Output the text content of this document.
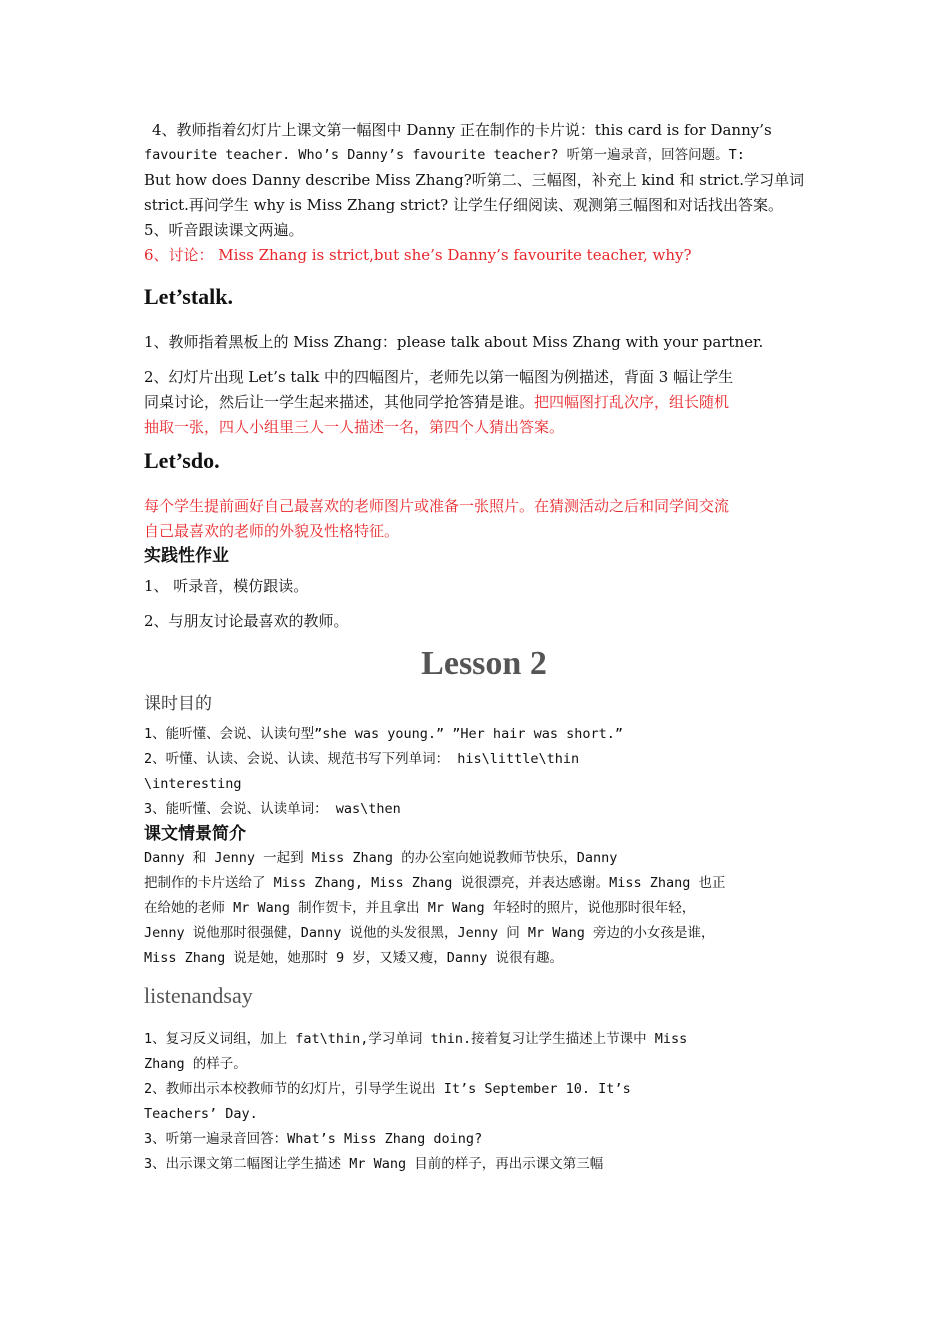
4、教师指着幻灯片上课文第一幅图中 Danny 正在制作的卡片说：this card is for Danny’s

favourite teacher. Who’s Danny’s favourite teacher? 听第一遍录音，回答问题。T:

But how does Danny describe Miss Zhang?听第二、三幅图，补充上 kind 和 strict.学习单词

strict.再问学生 why is Miss Zhang strict? 让学生仔细阅读、观测第三幅图和对话找出答案。

5、听音跟读课文两遍。

6、讨论： Miss Zhang is strict,but she’s Danny’s favourite teacher, why?

Let’stalk.

1、教师指着黑板上的 Miss Zhang：please talk about Miss Zhang with your partner.

2、幻灯片出现 Let’s talk 中的四幅图片，老师先以第一幅图为例描述，背面 3 幅让学生

同桌讨论，然后让一学生起来描述，其他同学抢答猜是谁。把四幅图打乱次序，组长随机

抽取一张，四人小组里三人一人描述一名，第四个人猜出答案。

Let’sdo.

每个学生提前画好自己最喜欢的老师图片或准备一张照片。在猜测活动之后和同学间交流

自己最喜欢的老师的外貌及性格特征。

实践性作业

1、 听录音，模仿跟读。

2、与朋友讨论最喜欢的教师。

Lesson 2

课时目的

1、能听懂、会说、认读句型”she was young.” ”Her hair was short.”

2、听懂、认读、会说、认读、规范书写下列单词： his\little\thin

\interesting

3、能听懂、会说、认读单词： was\then

课文情景简介

Danny 和 Jenny 一起到 Miss Zhang 的办公室向她说教师节快乐，Danny

把制作的卡片送给了 Miss Zhang, Miss Zhang 说很漂亮，并表达感谢。Miss Zhang 也正

在给她的老师 Mr Wang 制作贺卡，并且拿出 Mr Wang 年轻时的照片，说他那时很年轻，

Jenny 说他那时很强健，Danny 说他的头发很黑，Jenny 问 Mr Wang 旁边的小女孩是谁，

Miss Zhang 说是她，她那时 9 岁，又矮又瘦，Danny 说很有趣。

listenandsay

1、复习反义词组，加上 fat\thin,学习单词 thin.接着复习让学生描述上节课中 Miss

Zhang 的样子。

2、教师出示本校教师节的幻灯片，引导学生说出 It’s September 10. It’s

Teachers’ Day.

3、听第一遍录音回答：What’s Miss Zhang doing?

3、出示课文第二幅图让学生描述 Mr Wang 目前的样子，再出示课文第三幅
